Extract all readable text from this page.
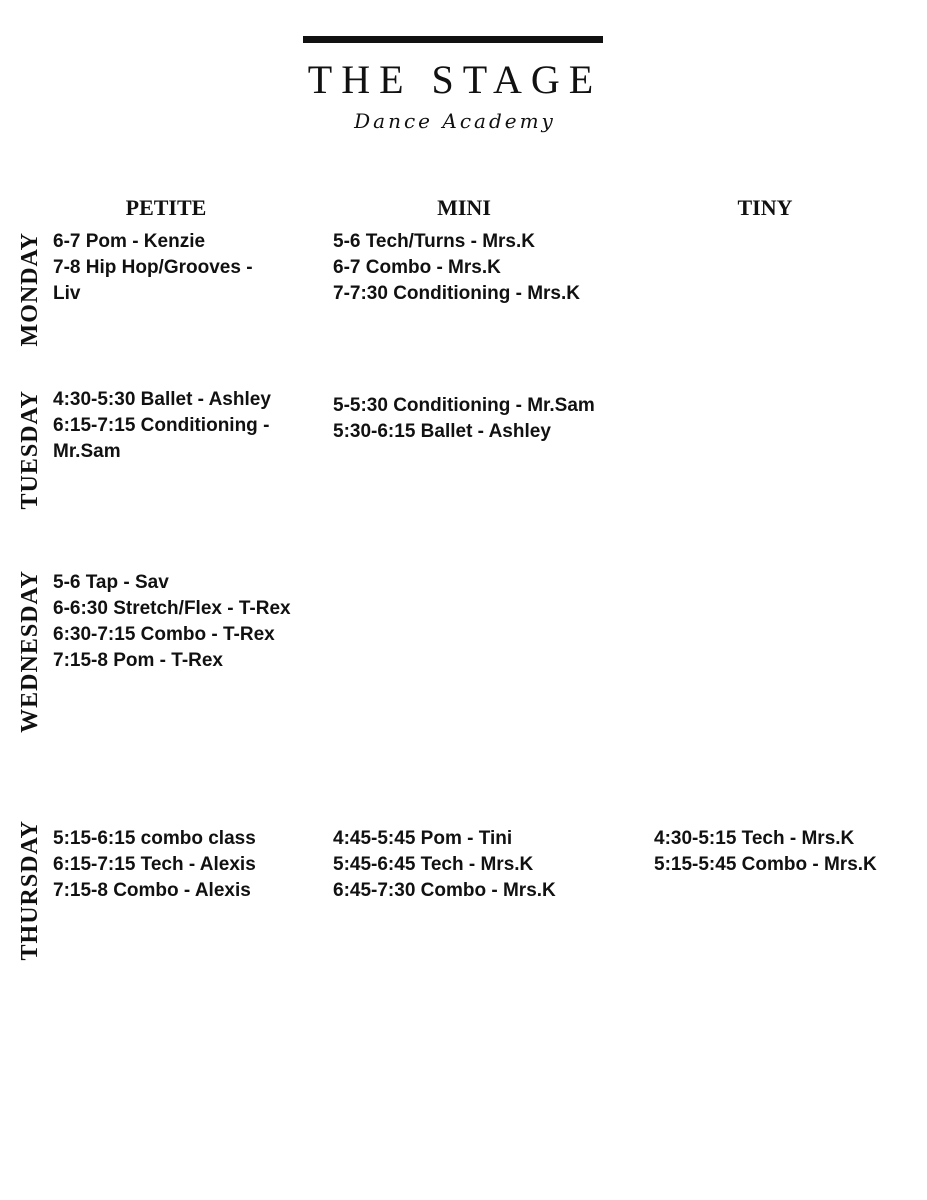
THE STAGE
Dance Academy
PETITE	MINI	TINY
MONDAY
TUESDAY
WEDNESDAY
THURSDAY
6-7 Pom - Kenzie
7-8 Hip Hop/Grooves -
Liv
5-6 Tech/Turns - Mrs.K
6-7 Combo - Mrs.K
7-7:30 Conditioning - Mrs.K
4:30-5:30 Ballet - Ashley
6:15-7:15 Conditioning -
Mr.Sam
5-5:30 Conditioning - Mr.Sam
5:30-6:15 Ballet - Ashley
5-6 Tap - Sav
6-6:30 Stretch/Flex - T-Rex
6:30-7:15 Combo - T-Rex
7:15-8 Pom - T-Rex
5:15-6:15 combo class
6:15-7:15 Tech - Alexis
7:15-8 Combo - Alexis
4:45-5:45 Pom - Tini
5:45-6:45 Tech - Mrs.K
6:45-7:30 Combo - Mrs.K
4:30-5:15 Tech - Mrs.K
5:15-5:45 Combo - Mrs.K
